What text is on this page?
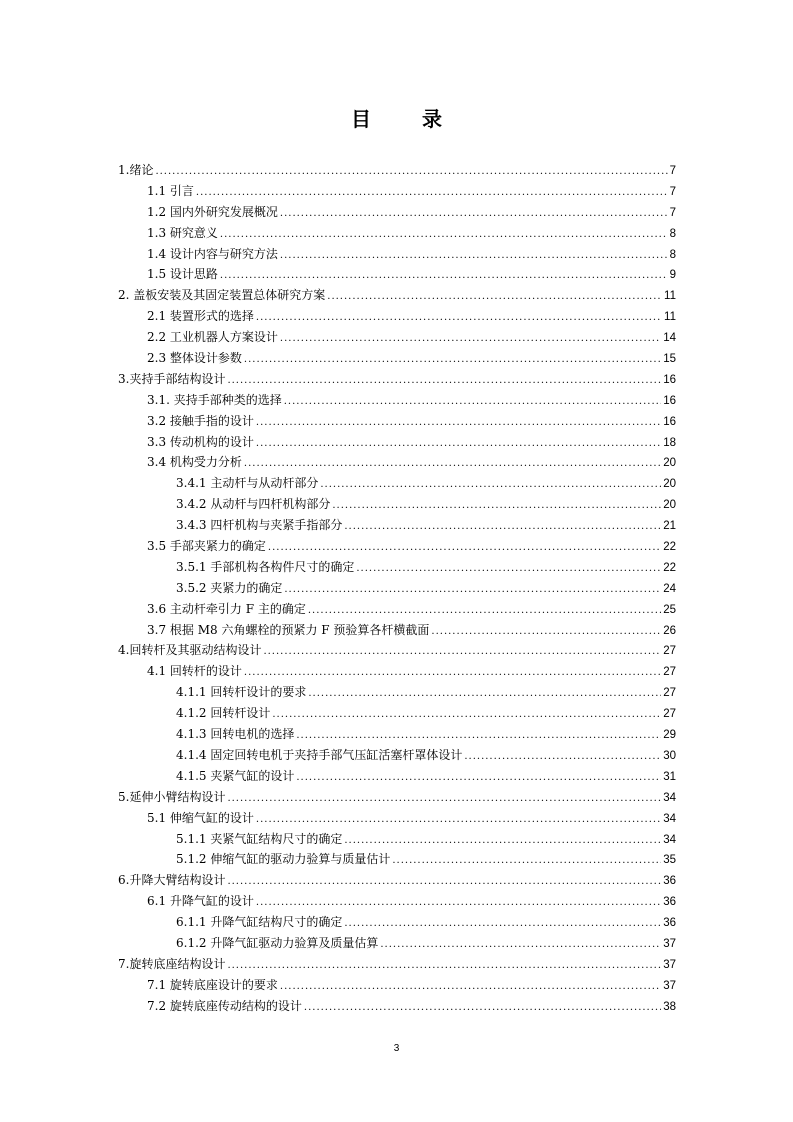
目 录
1.绪论 .....	7
1.1 引言 .....	7
1.2 国内外研究发展概况 .....	7
1.3 研究意义 .....	8
1.4 设计内容与研究方法 .....	8
1.5 设计思路 .....	9
2. 盖板安装及其固定装置总体研究方案 .....	11
2.1 装置形式的选择 .....	11
2.2 工业机器人方案设计 .....	14
2.3 整体设计参数 .....	15
3.夹持手部结构设计 .....	16
3.1. 夹持手部种类的选择 .....	16
3.2 接触手指的设计 .....	16
3.3 传动机构的设计 .....	18
3.4 机构受力分析 .....	20
3.4.1 主动杆与从动杆部分 .....	20
3.4.2 从动杆与四杆机构部分 .....	20
3.4.3 四杆机构与夹紧手指部分 .....	21
3.5 手部夹紧力的确定 .....	22
3.5.1 手部机构各构件尺寸的确定 .....	22
3.5.2 夹紧力的确定 .....	24
3.6 主动杆牵引力 F 主的确定 .....	25
3.7 根据 M8 六角螺栓的预紧力 F 预验算各杆横截面 .....	26
4.回转杆及其驱动结构设计 .....	27
4.1 回转杆的设计 .....	27
4.1.1 回转杆设计的要求 .....	27
4.1.2 回转杆设计 .....	27
4.1.3 回转电机的选择 .....	29
4.1.4 固定回转电机于夹持手部气压缸活塞杆罩体设计 .....	30
4.1.5 夹紧气缸的设计 .....	31
5.延伸小臂结构设计 .....	34
5.1 伸缩气缸的设计 .....	34
5.1.1 夹紧气缸结构尺寸的确定 .....	34
5.1.2 伸缩气缸的驱动力验算与质量估计 .....	35
6.升降大臂结构设计 .....	36
6.1 升降气缸的设计 .....	36
6.1.1 升降气缸结构尺寸的确定 .....	36
6.1.2 升降气缸驱动力验算及质量估算 .....	37
7.旋转底座结构设计 .....	37
7.1 旋转底座设计的要求 .....	37
7.2 旋转底座传动结构的设计 .....	38
3
